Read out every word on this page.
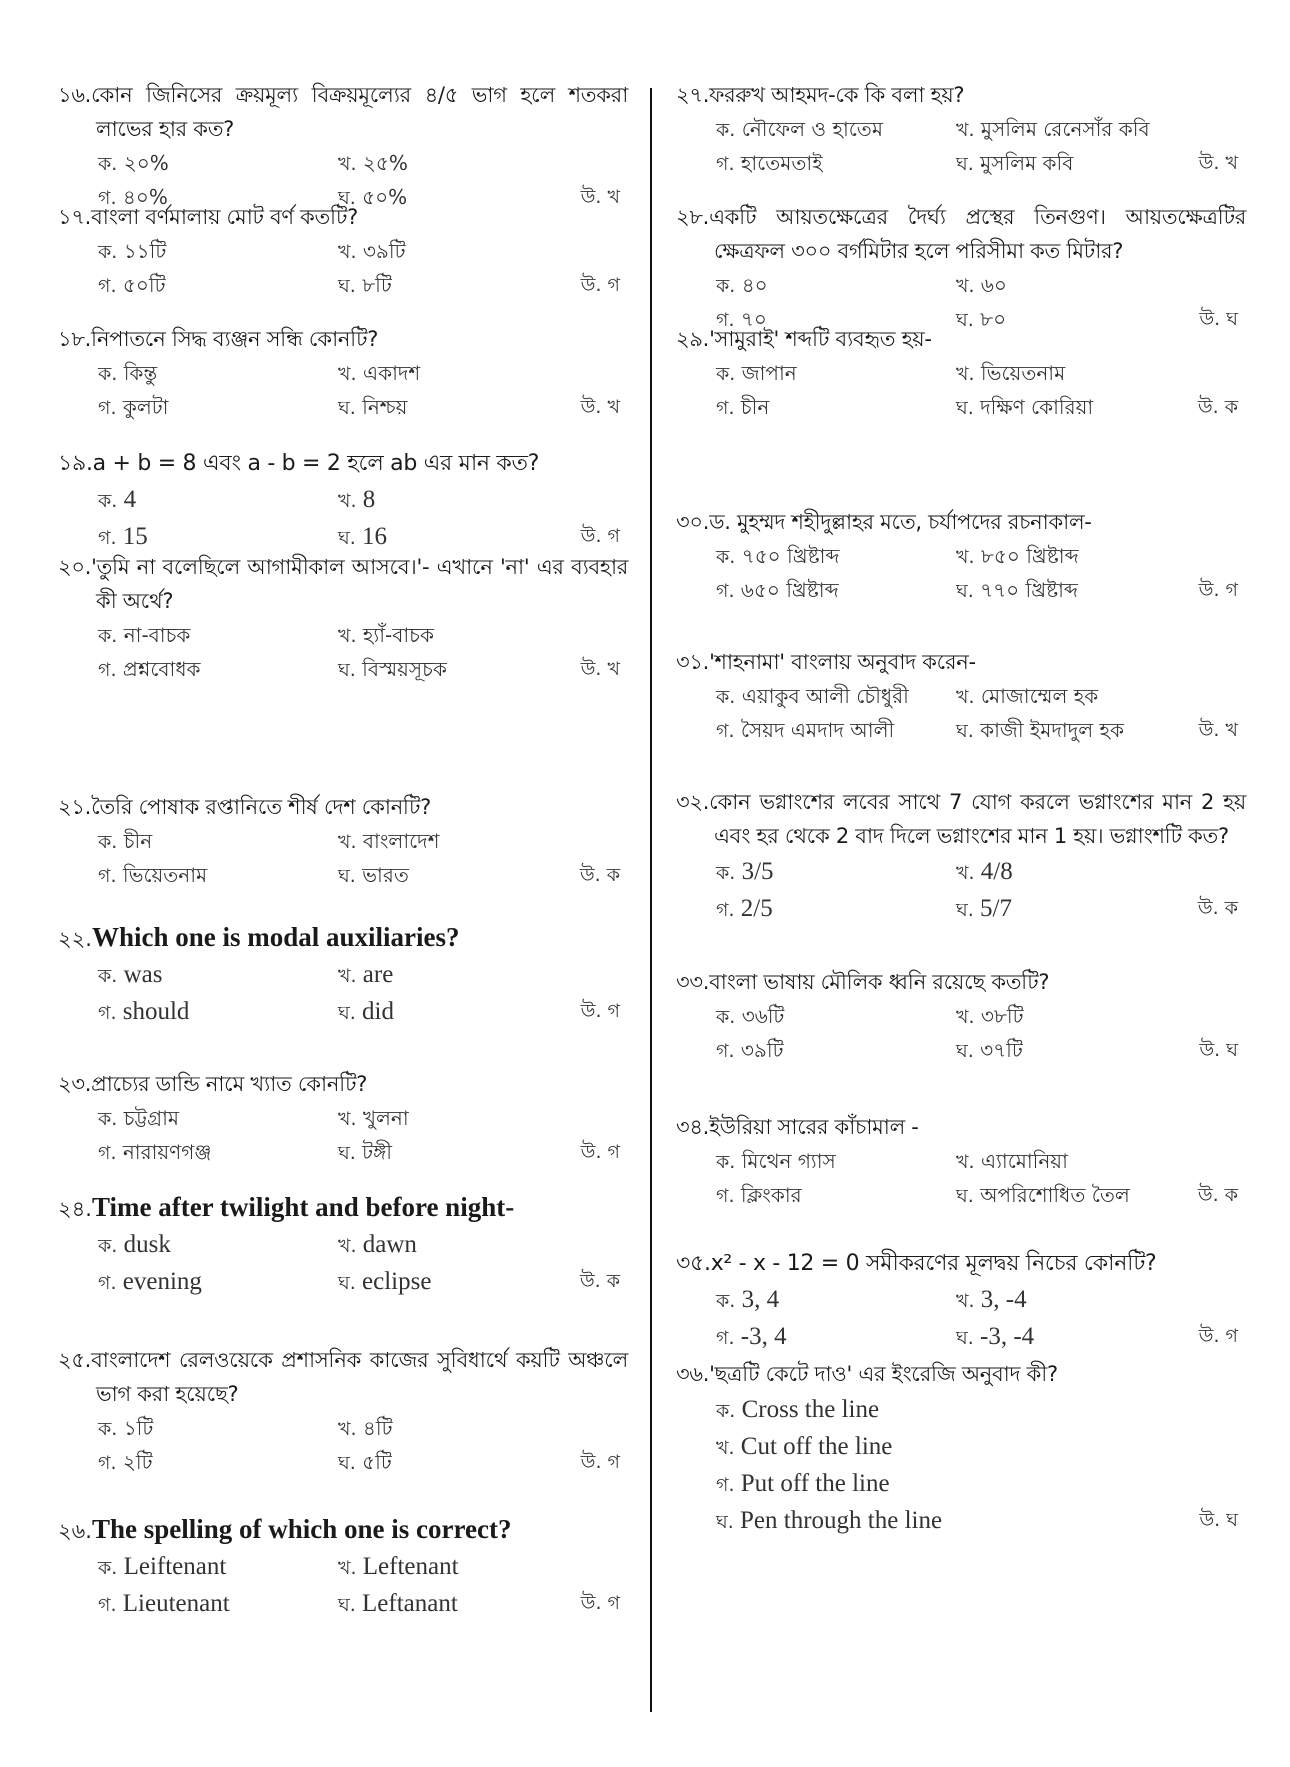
১৬.কোন জিনিসের ক্রয়মূল্য বিক্রয়মূল্যের ৪/৫ ভাগ হলে শতকরা লাভের হার কত?

ক. ২০%	খ. ২৫%
গ. ৪০%	ঘ. ৫০%	উ. খ

১৭.বাংলা বর্ণমালায় মোট বর্ণ কতটি?

ক. ১১টি	খ. ৩৯টি
গ. ৫০টি	ঘ. ৮টি	উ. গ

১৮.নিপাতনে সিদ্ধ ব্যঞ্জন সন্ধি কোনটি?

ক. কিন্তু	খ. একাদশ
গ. কুলটা	ঘ. নিশ্চয়	উ. খ

১৯.a + b = 8 এবং a - b = 2 হলে ab এর মান কত?

ক. 4	খ. 8
গ. 15	ঘ. 16	উ. গ

২০.'তুমি না বলেছিলে আগামীকাল আসবে।'- এখানে 'না' এর ব্যবহার কী অর্থে?

ক. না-বাচক	খ. হ্যাঁ-বাচক
গ. প্রশ্নবোধক	ঘ. বিস্ময়সূচক	উ. খ

২১.তৈরি পোষাক রপ্তানিতে শীর্ষ দেশ কোনটি?

ক. চীন	খ. বাংলাদেশ
গ. ভিয়েতনাম	ঘ. ভারত	উ. ক

২২.Which one is modal auxiliaries?

ক. was	খ. are
গ. should	ঘ. did	উ. গ

২৩.প্রাচ্যের ডান্ডি নামে খ্যাত কোনটি?

ক. চট্টগ্রাম	খ. খুলনা
গ. নারায়ণগঞ্জ	ঘ. টঙ্গী	উ. গ

২৪.Time after twilight and before night-

ক. dusk	খ. dawn
গ. evening	ঘ. eclipse	উ. ক

২৫.বাংলাদেশ রেলওয়েকে প্রশাসনিক কাজের সুবিধার্থে কয়টি অঞ্চলে ভাগ করা হয়েছে?

ক. ১টি	খ. ৪টি
গ. ২টি	ঘ. ৫টি	উ. গ

২৬.The spelling of which one is correct?

ক. Leiftenant	খ. Leftenant
গ. Lieutenant	ঘ. Leftanant	উ. গ

২৭.ফররুখ আহমদ-কে কি বলা হয়?

ক. নৌফেল ও হাতেম	খ. মুসলিম রেনেসাঁর কবি
গ. হাতেমতাই	ঘ. মুসলিম কবি	উ. খ

২৮.একটি আয়তক্ষেত্রের দৈর্ঘ্য প্রস্থের তিনগুণ। আয়তক্ষেত্রটির ক্ষেত্রফল ৩০০ বর্গমিটার হলে পরিসীমা কত মিটার?

ক. ৪০	খ. ৬০
গ. ৭০	ঘ. ৮০	উ. ঘ

২৯.'সামুরাই' শব্দটি ব্যবহৃত হয়-

ক. জাপান	খ. ভিয়েতনাম
গ. চীন	ঘ. দক্ষিণ কোরিয়া	উ. ক

৩০.ড. মুহম্মদ শহীদুল্লাহর মতে, চর্যাপদের রচনাকাল-

ক. ৭৫০ খ্রিষ্টাব্দ	খ. ৮৫০ খ্রিষ্টাব্দ
গ. ৬৫০ খ্রিষ্টাব্দ	ঘ. ৭৭০ খ্রিষ্টাব্দ	উ. গ

৩১.'শাহনামা' বাংলায় অনুবাদ করেন-

ক. এয়াকুব আলী চৌধুরী খ. মোজাম্মেল হক
গ. সৈয়দ এমদাদ আলী	ঘ. কাজী ইমদাদুল হক	উ. খ

৩২.কোন ভগ্নাংশের লবের সাথে 7 যোগ করলে ভগ্নাংশের মান 2 হয় এবং হর থেকে 2 বাদ দিলে ভগ্নাংশের মান 1 হয়। ভগ্নাংশটি কত?

ক. 3/5	খ. 4/8
গ. 2/5	ঘ. 5/7	উ. ক

৩৩.বাংলা ভাষায় মৌলিক ধ্বনি রয়েছে কতটি?

ক. ৩৬টি	খ. ৩৮টি
গ. ৩৯টি	ঘ. ৩৭টি	উ. ঘ

৩৪.ইউরিয়া সারের কাঁচামাল -

ক. মিথেন গ্যাস	খ. এ্যামোনিয়া
গ. ক্লিংকার	ঘ. অপরিশোধিত তৈল	উ. ক

৩৫.x² - x - 12 = 0 সমীকরণের মূলদ্বয় নিচের কোনটি?

ক. 3, 4	খ. 3, -4
গ. -3, 4	ঘ. -3, -4	উ. গ

৩৬.'ছত্রটি কেটে দাও' এর ইংরেজি অনুবাদ কী?

ক. Cross the line
খ. Cut off the line
গ. Put off the line
ঘ. Pen through the line	উ. ঘ
